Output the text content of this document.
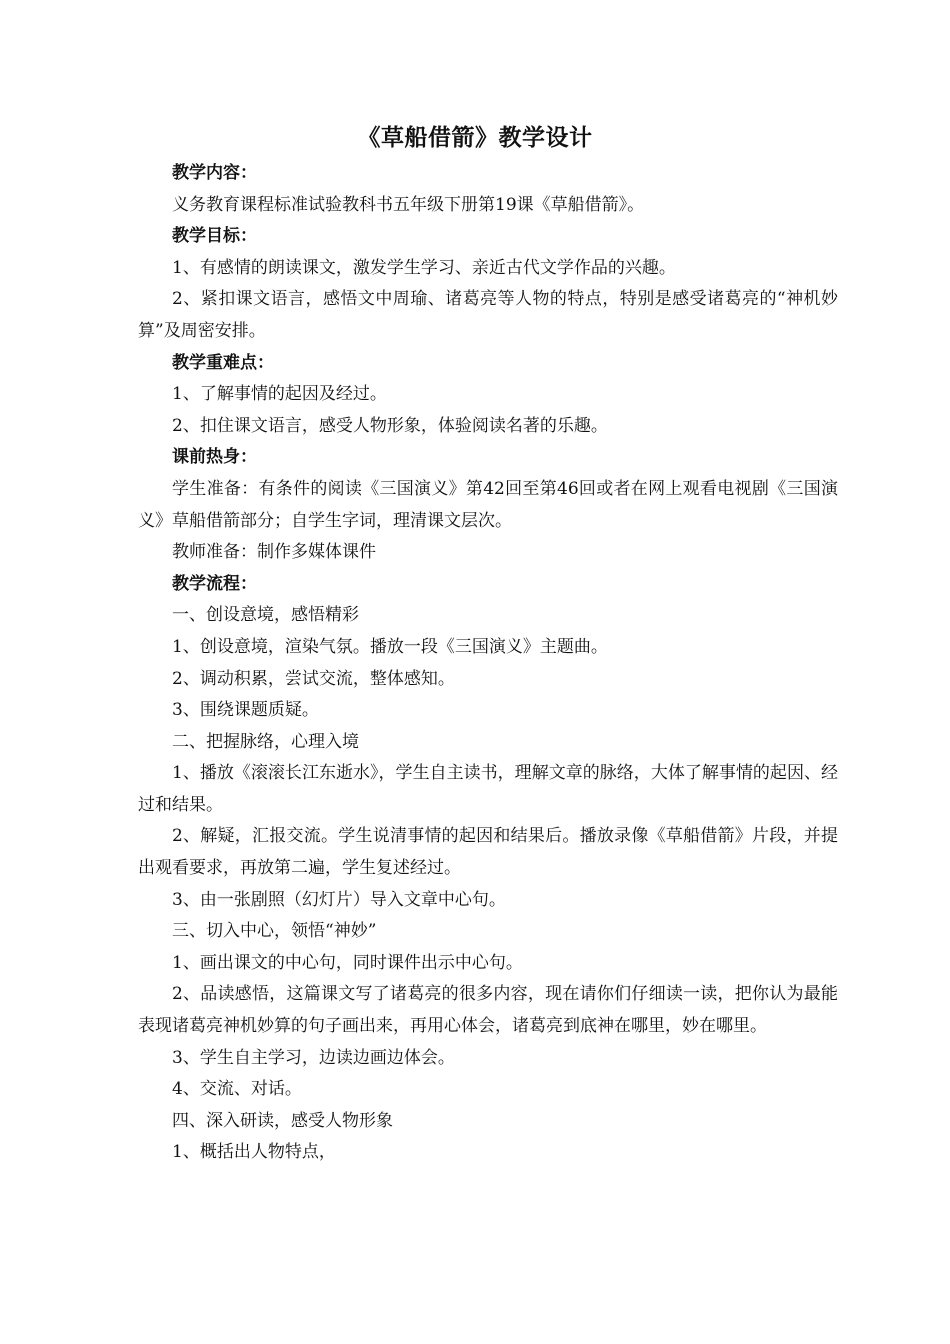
《草船借箭》教学设计

教学内容：

义务教育课程标准试验教科书五年级下册第19课《草船借箭》。

教学目标：

1、有感情的朗读课文，激发学生学习、亲近古代文学作品的兴趣。

2、紧扣课文语言，感悟文中周瑜、诸葛亮等人物的特点，特别是感受诸葛亮的“神机妙算”及周密安排。

教学重难点：

1、了解事情的起因及经过。

2、扣住课文语言，感受人物形象，体验阅读名著的乐趣。

课前热身：

学生准备：有条件的阅读《三国演义》第42回至第46回或者在网上观看电视剧《三国演义》草船借箭部分；自学生字词，理清课文层次。

教师准备：制作多媒体课件

教学流程：

一、创设意境，感悟精彩

1、创设意境，渲染气氛。播放一段《三国演义》主题曲。

2、调动积累，尝试交流，整体感知。

3、围绕课题质疑。

二、把握脉络，心理入境

1、播放《滚滚长江东逝水》，学生自主读书，理解文章的脉络，大体了解事情的起因、经过和结果。

2、解疑，汇报交流。学生说清事情的起因和结果后。播放录像《草船借箭》片段，并提出观看要求，再放第二遍，学生复述经过。

3、由一张剧照（幻灯片）导入文章中心句。

三、切入中心，领悟“神妙”

1、画出课文的中心句，同时课件出示中心句。

2、品读感悟，这篇课文写了诸葛亮的很多内容，现在请你们仔细读一读，把你认为最能表现诸葛亮神机妙算的句子画出来，再用心体会，诸葛亮到底神在哪里，妙在哪里。

3、学生自主学习，边读边画边体会。

4、交流、对话。

四、深入研读，感受人物形象

1、概括出人物特点，
